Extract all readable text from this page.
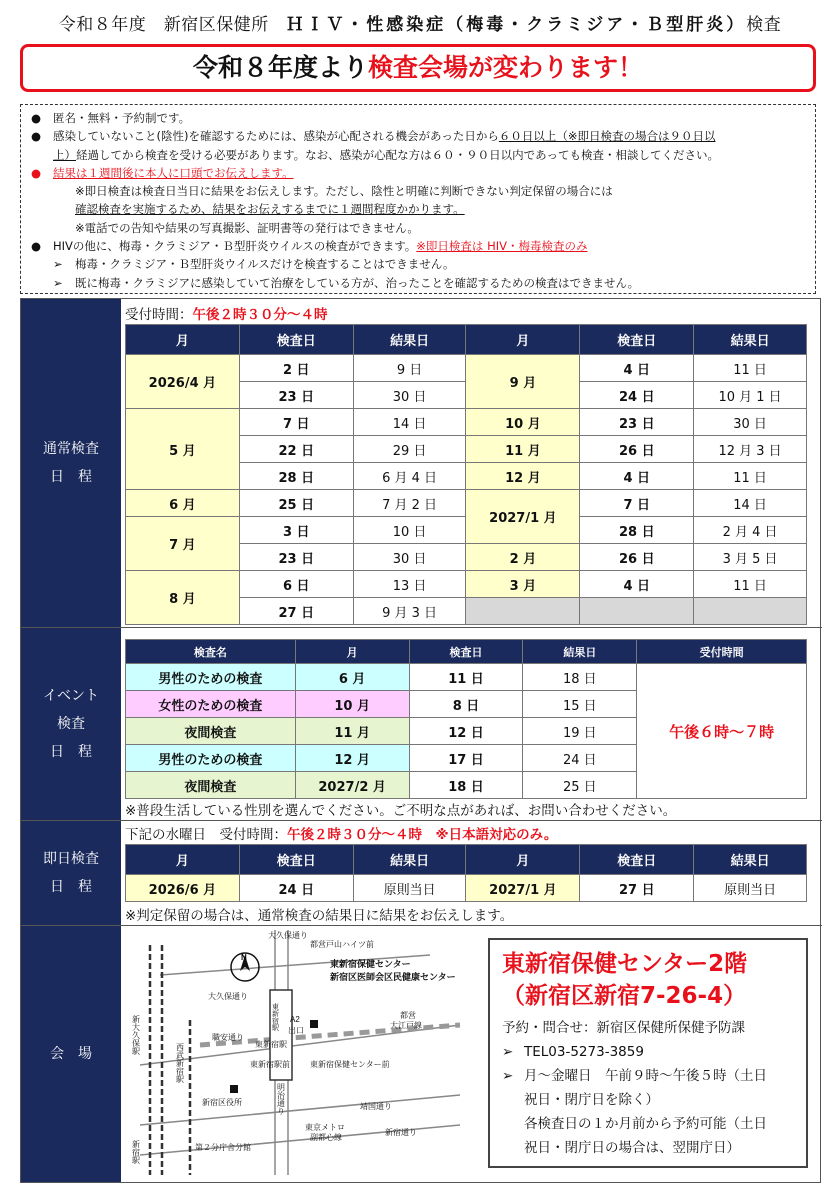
令和８年度　新宿区保健所　ＨＩＶ・性感染症（梅毒・クラミジア・Ｂ型肝炎）検査
令和８年度より検査会場が変わります！
●	匿名・無料・予約制です。
●	感染していないこと(陰性)を確認するためには、感染が心配される機会があった日から６０日以上（※即日検査の場合は９０日以
上）経過してから検査を受ける必要があります。なお、感染が心配な方は６０・９０日以内であっても検査・相談してください。
●	結果は１週間後に本人に口頭でお伝えします。
※即日検査は検査日当日に結果をお伝えします。ただし、陰性と明確に判断できない判定保留の場合には
確認検査を実施するため、結果をお伝えするまでに１週間程度かかります。
※電話での告知や結果の写真撮影、証明書等の発行はできません。
●	HIVの他に、梅毒・クラミジア・Ｂ型肝炎ウイルスの検査ができます。※即日検査は HIV・梅毒検査のみ
➢	梅毒・クラミジア・Ｂ型肝炎ウイルスだけを検査することはできません。
➢	既に梅毒・クラミジアに感染していて治療をしている方が、治ったことを確認するための検査はできません。
通常検査
日　程
イベント
検査
日　程
即日検査
日　程
会　場
受付時間：午後２時３０分～４時
月	検査日	結果日	月	検査日	結果日
2026/4 月	2 日	9 日	9 月	4 日	11 日
	23 日	30 日		24 日	10 月 1 日
5 月	7 日	14 日	10 月	23 日	30 日
	22 日	29 日	11 月	26 日	12 月 3 日
	28 日	6 月 4 日	12 月	4 日	11 日
6 月	25 日	7 月 2 日	2027/1 月	7 日	14 日
7 月	3 日	10 日		28 日	2 月 4 日
	23 日	30 日	2 月	26 日	3 月 5 日
8 月	6 日	13 日	3 月	4 日	11 日
	27 日	9 月 3 日			
検査名	月	検査日	結果日	受付時間
男性のための検査	6 月	11 日	18 日	午後６時～７時
女性のための検査	10 月	8 日	15 日	
夜間検査	11 月	12 日	19 日	
男性のための検査	12 月	17 日	24 日	
夜間検査	2027/2 月	18 日	25 日	
※普段生活している性別を選んでください。ご不明な点があれば、お問い合わせください。
下記の水曜日　受付時間：午後２時３０分～４時　※日本語対応のみ。
月	検査日	結果日	月	検査日	結果日
2026/6 月	24 日	原則当日	2027/1 月	27 日	原則当日
※判定保留の場合は、通常検査の結果日に結果をお伝えします。
大久保通り
都営戸山ハイツ前
東新宿保健センター
新宿区医師会区民健康センター
大久保通り
A2
出口
都営
大江戸線
職安通り
東新宿駅
東新宿駅前	東新宿保健センター前
新宿区役所	靖国通り
東京メトロ
副都心線
新宿通り
第２分庁舎分館
新大久保駅
西武新宿駅
明治通り
新宿駅
東新宿駅
N	東新宿保健センター2階
（新宿区新宿7-26-4）
予約・問合せ：新宿区保健所保健予防課
➢ TEL03-5273-3859
➢ 月～金曜日　午前９時～午後５時（土日
祝日・閉庁日を除く）
各検査日の１か月前から予約可能（土日
祝日・閉庁日の場合は、翌開庁日）
